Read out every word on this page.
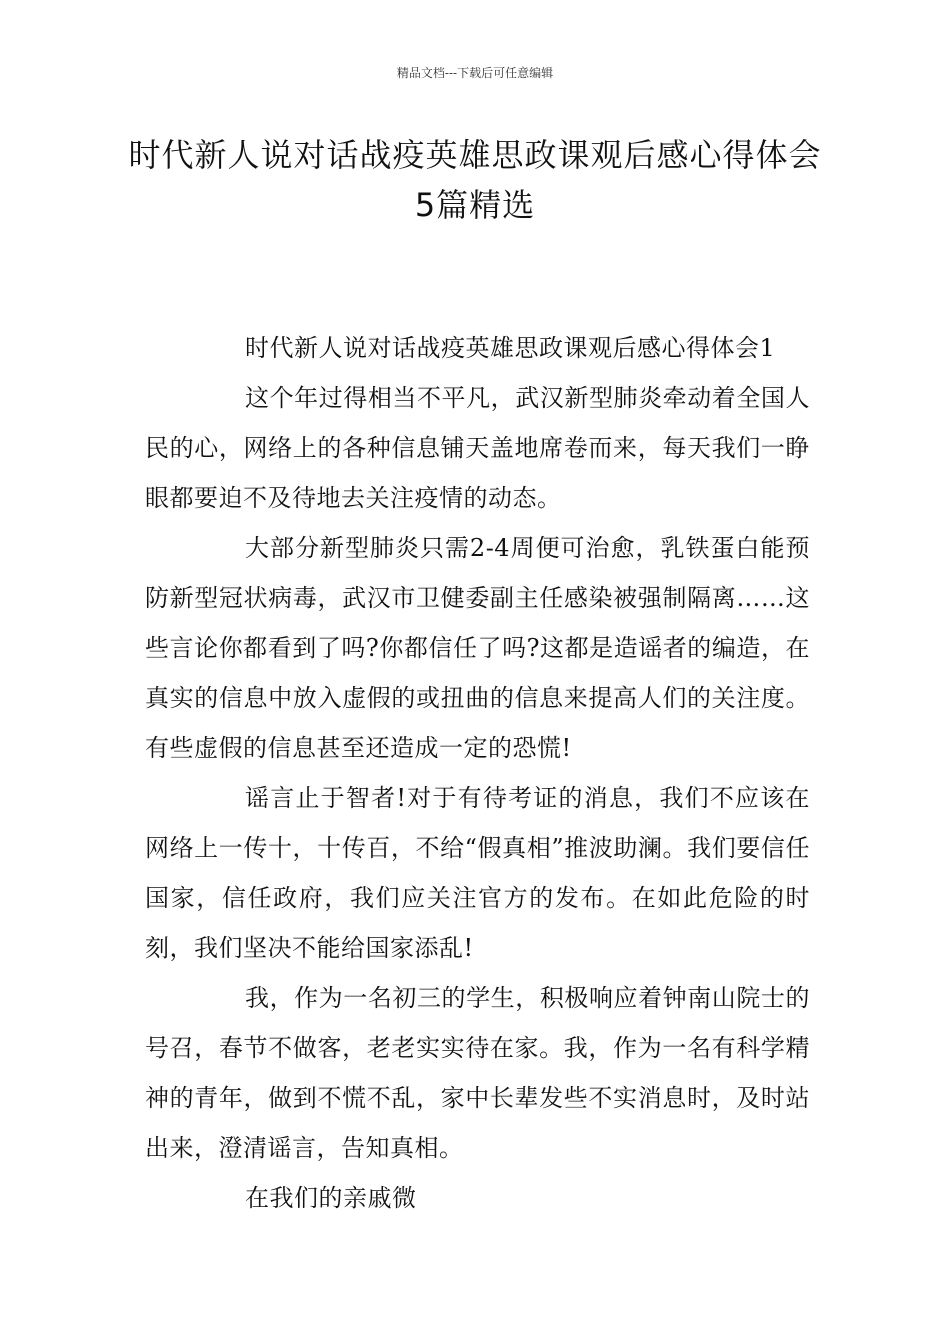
精品文档---下载后可任意编辑
时代新人说对话战疫英雄思政课观后感心得体会5篇精选

时代新人说对话战疫英雄思政课观后感心得体会1

这个年过得相当不平凡，武汉新型肺炎牵动着全国人民的心，网络上的各种信息铺天盖地席卷而来，每天我们一睁眼都要迫不及待地去关注疫情的动态。

大部分新型肺炎只需2-4周便可治愈，乳铁蛋白能预防新型冠状病毒，武汉市卫健委副主任感染被强制隔离……这些言论你都看到了吗?你都信任了吗?这都是造谣者的编造，在真实的信息中放入虚假的或扭曲的信息来提高人们的关注度。有些虚假的信息甚至还造成一定的恐慌!

谣言止于智者!对于有待考证的消息，我们不应该在网络上一传十，十传百，不给“假真相”推波助澜。我们要信任国家，信任政府，我们应关注官方的发布。在如此危险的时刻，我们坚决不能给国家添乱!

我，作为一名初三的学生，积极响应着钟南山院士的号召，春节不做客，老老实实待在家。我，作为一名有科学精神的青年，做到不慌不乱，家中长辈发些不实消息时，及时站出来，澄清谣言，告知真相。

在我们的亲戚微
